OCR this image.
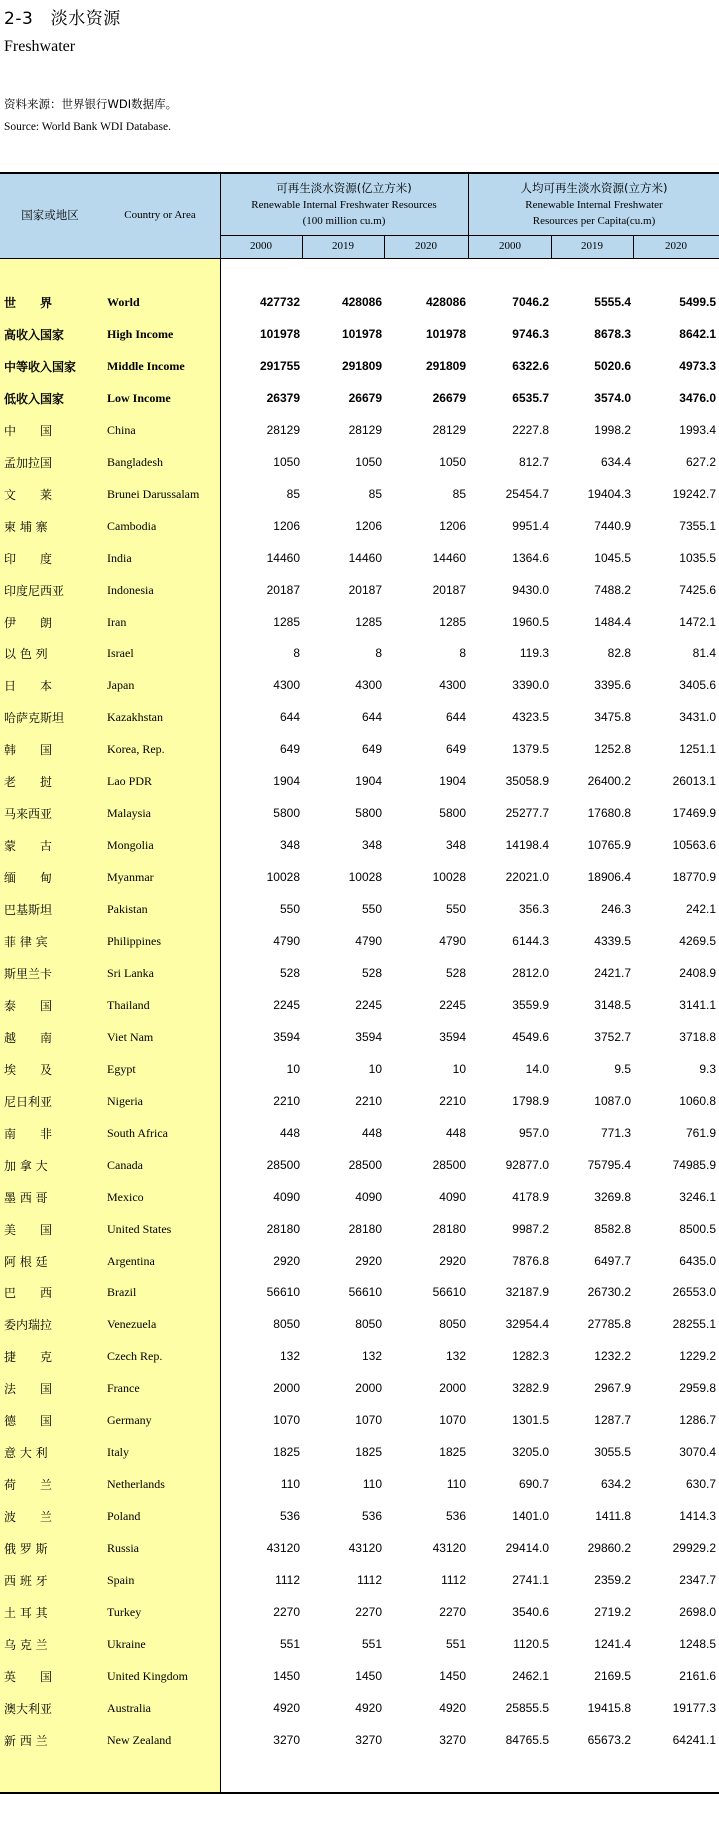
2-3　淡水资源
Freshwater
资料来源：世界银行WDI数据库。
Source: World Bank WDI Database.
国家或地区	Country or Area
可再生淡水资源(亿立方米)
Renewable Internal Freshwater Resources
(100 million cu.m)
人均可再生淡水资源(立方米)
Renewable Internal Freshwater
Resources per Capita(cu.m)
2000	2019	2020	2000	2019	2020
世　　界	World	427732	428086	428086	7046.2	5555.4	5499.5
高收入国家	High Income	101978	101978	101978	9746.3	8678.3	8642.1
中等收入国家	Middle Income	291755	291809	291809	6322.6	5020.6	4973.3
低收入国家	Low Income	26379	26679	26679	6535.7	3574.0	3476.0
中　　国	China	28129	28129	28129	2227.8	1998.2	1993.4
孟加拉国	Bangladesh	1050	1050	1050	812.7	634.4	627.2
文　　莱	Brunei Darussalam	85	85	85	25454.7	19404.3	19242.7
柬 埔 寨	Cambodia	1206	1206	1206	9951.4	7440.9	7355.1
印　　度	India	14460	14460	14460	1364.6	1045.5	1035.5
印度尼西亚	Indonesia	20187	20187	20187	9430.0	7488.2	7425.6
伊　　朗	Iran	1285	1285	1285	1960.5	1484.4	1472.1
以 色 列	Israel	8	8	8	119.3	82.8	81.4
日　　本	Japan	4300	4300	4300	3390.0	3395.6	3405.6
哈萨克斯坦	Kazakhstan	644	644	644	4323.5	3475.8	3431.0
韩　　国	Korea, Rep.	649	649	649	1379.5	1252.8	1251.1
老　　挝	Lao PDR	1904	1904	1904	35058.9	26400.2	26013.1
马来西亚	Malaysia	5800	5800	5800	25277.7	17680.8	17469.9
蒙　　古	Mongolia	348	348	348	14198.4	10765.9	10563.6
缅　　甸	Myanmar	10028	10028	10028	22021.0	18906.4	18770.9
巴基斯坦	Pakistan	550	550	550	356.3	246.3	242.1
菲 律 宾	Philippines	4790	4790	4790	6144.3	4339.5	4269.5
斯里兰卡	Sri Lanka	528	528	528	2812.0	2421.7	2408.9
泰　　国	Thailand	2245	2245	2245	3559.9	3148.5	3141.1
越　　南	Viet Nam	3594	3594	3594	4549.6	3752.7	3718.8
埃　　及	Egypt	10	10	10	14.0	9.5	9.3
尼日利亚	Nigeria	2210	2210	2210	1798.9	1087.0	1060.8
南　　非	South Africa	448	448	448	957.0	771.3	761.9
加 拿 大	Canada	28500	28500	28500	92877.0	75795.4	74985.9
墨 西 哥	Mexico	4090	4090	4090	4178.9	3269.8	3246.1
美　　国	United States	28180	28180	28180	9987.2	8582.8	8500.5
阿 根 廷	Argentina	2920	2920	2920	7876.8	6497.7	6435.0
巴　　西	Brazil	56610	56610	56610	32187.9	26730.2	26553.0
委内瑞拉	Venezuela	8050	8050	8050	32954.4	27785.8	28255.1
捷　　克	Czech Rep.	132	132	132	1282.3	1232.2	1229.2
法　　国	France	2000	2000	2000	3282.9	2967.9	2959.8
德　　国	Germany	1070	1070	1070	1301.5	1287.7	1286.7
意 大 利	Italy	1825	1825	1825	3205.0	3055.5	3070.4
荷　　兰	Netherlands	110	110	110	690.7	634.2	630.7
波　　兰	Poland	536	536	536	1401.0	1411.8	1414.3
俄 罗 斯	Russia	43120	43120	43120	29414.0	29860.2	29929.2
西 班 牙	Spain	1112	1112	1112	2741.1	2359.2	2347.7
土 耳 其	Turkey	2270	2270	2270	3540.6	2719.2	2698.0
乌 克 兰	Ukraine	551	551	551	1120.5	1241.4	1248.5
英　　国	United Kingdom	1450	1450	1450	2462.1	2169.5	2161.6
澳大利亚	Australia	4920	4920	4920	25855.5	19415.8	19177.3
新 西 兰	New Zealand	3270	3270	3270	84765.5	65673.2	64241.1
